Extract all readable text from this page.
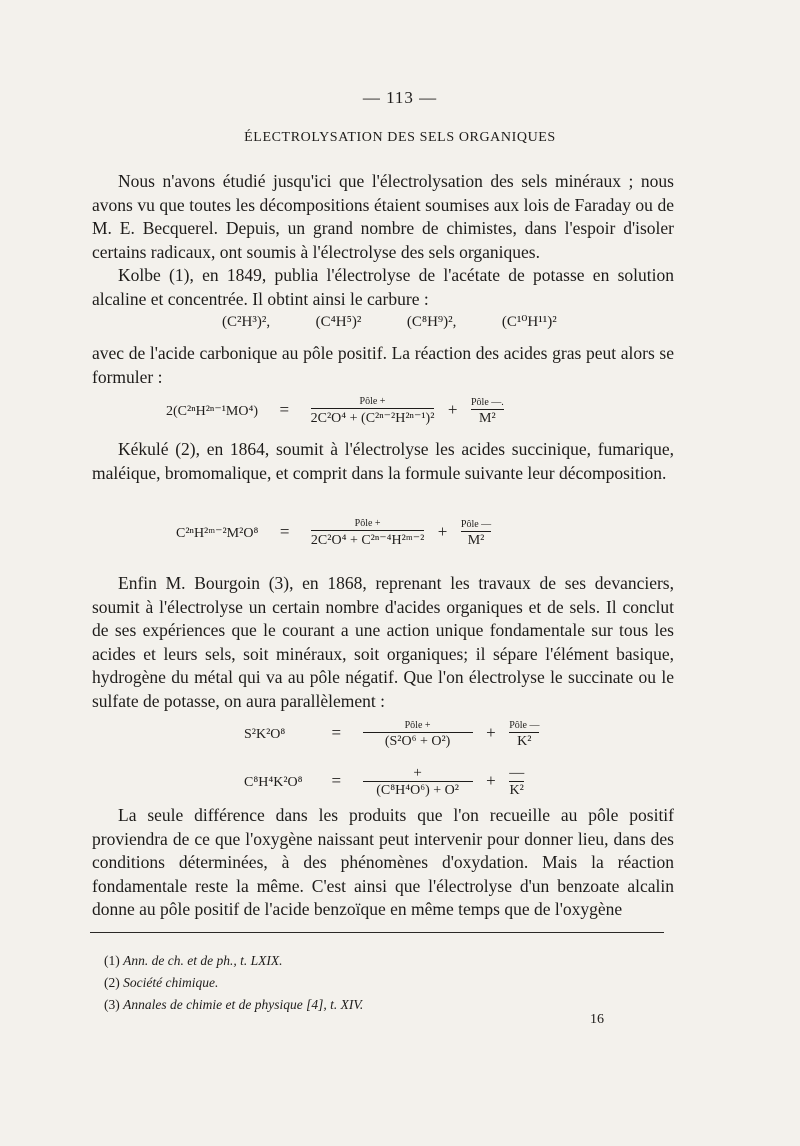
— 113 —
ÉLECTROLYSATION DES SELS ORGANIQUES

Nous n'avons étudié jusqu'ici que l'électrolysation des sels minéraux ; nous avons vu que toutes les décompositions étaient soumises aux lois de Faraday ou de M. E. Becquerel. Depuis, un grand nombre de chimistes, dans l'espoir d'isoler certains radicaux, ont soumis à l'électrolyse des sels organiques.

Kolbe (1), en 1849, publia l'électrolyse de l'acétate de potasse en solution alcaline et concentrée. Il obtint ainsi le carbure :

(C²H³)²,	(C⁴H⁵)²	(C⁸H⁹)²,	(C¹⁰H¹¹)²

avec de l'acide carbonique au pôle positif. La réaction des acides gras peut alors se formuler :

$2(C^{2n}H^{2n-1}MO^4) = \frac{\text{Pôle +}}{\text{2C²O⁴ + (C²ⁿ⁻²H²ⁿ⁻¹)²}} + \frac{\text{Pôle —.}}{\text{M²}}$

Kékulé (2), en 1864, soumit à l'électrolyse les acides succinique, fumarique, maléique, bromomalique, et comprit dans la formule suivante leur décomposition.

C²ⁿH²ᵐ⁻²M²O⁸ = $\frac{\text{Pôle +}}{\text{2C²O⁴ + C²ⁿ⁻⁴H²ᵐ⁻²}} + \frac{\text{Pôle —}}{\text{M²}}$

Enfin M. Bourgoin (3), en 1868, reprenant les travaux de ses devanciers, soumit à l'électrolyse un certain nombre d'acides organiques et de sels. Il conclut de ses expériences que le courant a une action unique fondamentale sur tous les acides et leurs sels, soit minéraux, soit organiques; il sépare l'élément basique, hydrogène du métal qui va au pôle négatif. Que l'on électrolyse le succinate ou le sulfate de potasse, on aura parallèlement :

S²K²O⁸	= $\frac{\text{Pôle +}}{\text{(S²O⁶ + O²)}} + \frac{\text{Pôle —}}{\text{K²}}$
$C^8H^4K^2O^8 = \frac{+}{\text{(C⁸H⁴O⁶) + O²}} + \frac{—}{\text{K²}}$

La seule différence dans les produits que l'on recueille au pôle positif proviendra de ce que l'oxygène naissant peut intervenir pour donner lieu, dans des conditions déterminées, à des phénomènes d'oxydation. Mais la réaction fondamentale reste la même. C'est ainsi que l'électrolyse d'un benzoate alcalin donne au pôle positif de l'acide benzoïque en même temps que de l'oxygène

(1) Ann. de ch. et de ph., t. LXIX.
(2) Société chimique.
(3) Annales de chimie et de physique [4], t. XIV.
16
